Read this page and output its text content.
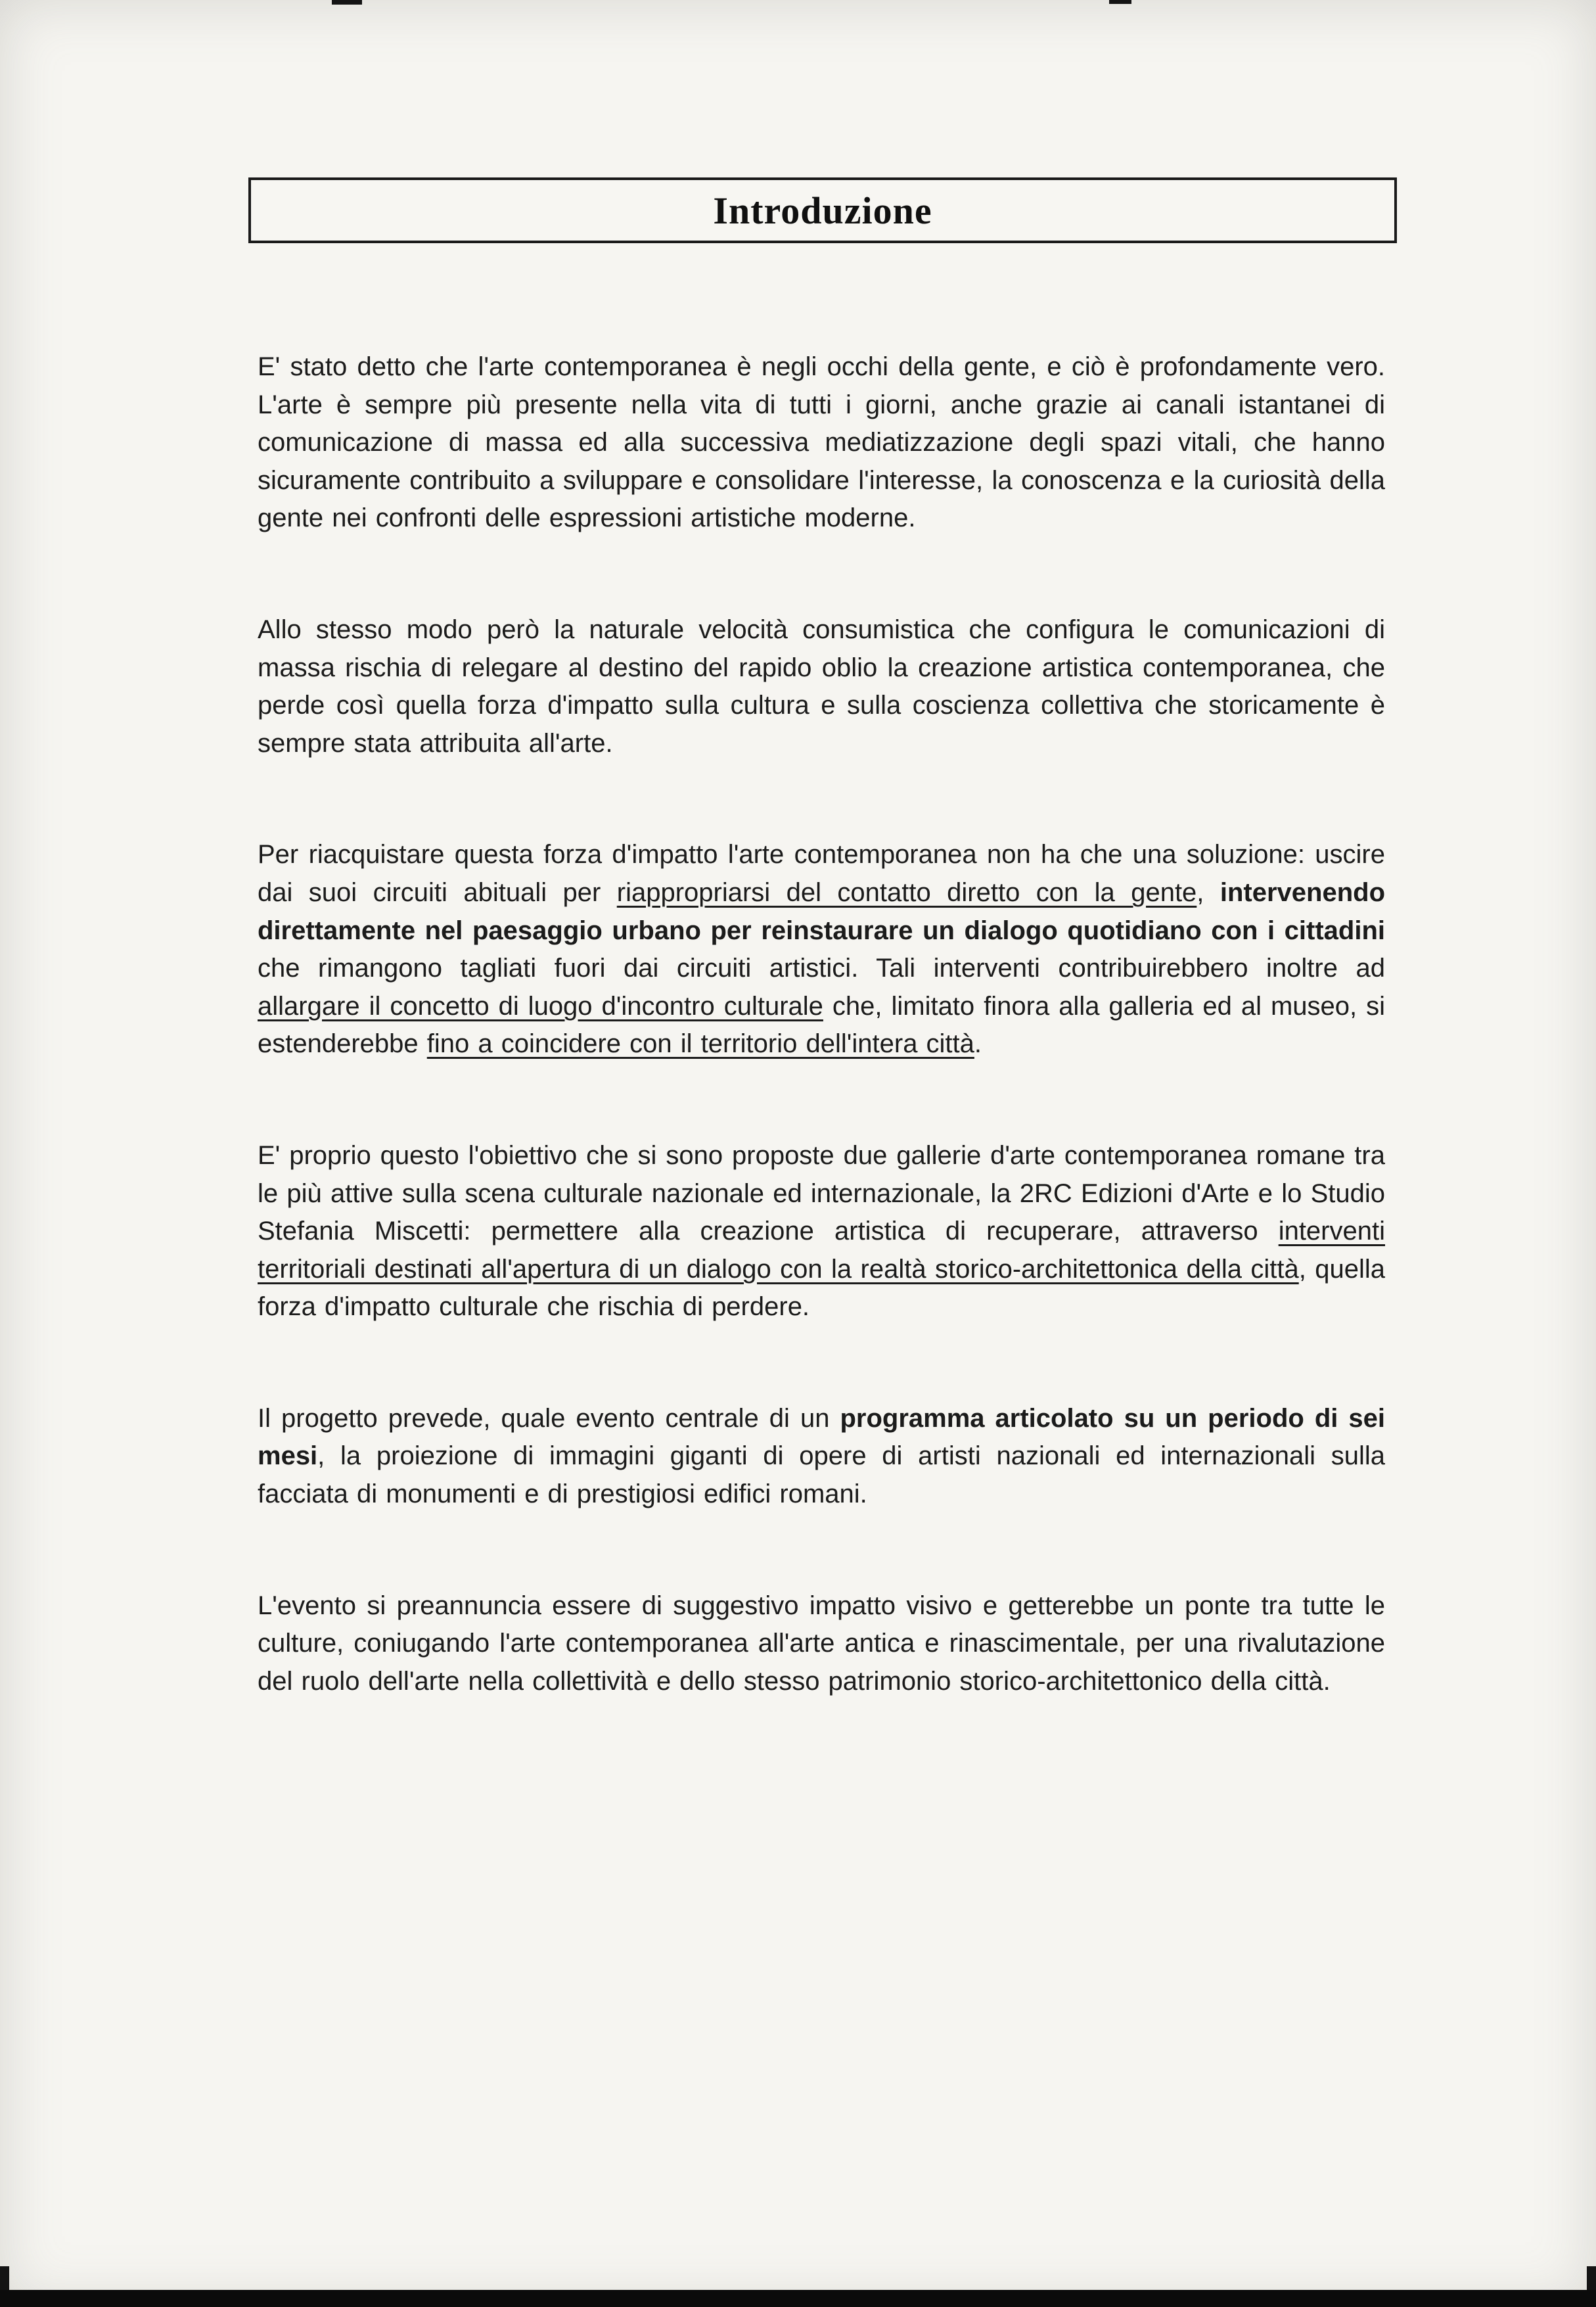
Introduzione

E' stato detto che l'arte contemporanea è negli occhi della gente, e ciò è profondamente vero. L'arte è sempre più presente nella vita di tutti i giorni, anche grazie ai canali istantanei di comunicazione di massa ed alla successiva mediatizzazione degli spazi vitali, che hanno sicuramente contribuito a sviluppare e consolidare l'interesse, la conoscenza e la curiosità della gente nei confronti delle espressioni artistiche moderne.

Allo stesso modo però la naturale velocità consumistica che configura le comunicazioni di massa rischia di relegare al destino del rapido oblio la creazione artistica contemporanea, che perde così quella forza d'impatto sulla cultura e sulla coscienza collettiva che storicamente è sempre stata attribuita all'arte.

Per riacquistare questa forza d'impatto l'arte contemporanea non ha che una soluzione: uscire dai suoi circuiti abituali per riappropriarsi del contatto diretto con la gente, intervenendo direttamente nel paesaggio urbano per reinstaurare un dialogo quotidiano con i cittadini che rimangono tagliati fuori dai circuiti artistici. Tali interventi contribuirebbero inoltre ad allargare il concetto di luogo d'incontro culturale che, limitato finora alla galleria ed al museo, si estenderebbe fino a coincidere con il territorio dell'intera città.

E' proprio questo l'obiettivo che si sono proposte due gallerie d'arte contemporanea romane tra le più attive sulla scena culturale nazionale ed internazionale, la 2RC Edizioni d'Arte e lo Studio Stefania Miscetti: permettere alla creazione artistica di recuperare, attraverso interventi territoriali destinati all'apertura di un dialogo con la realtà storico-architettonica della città, quella forza d'impatto culturale che rischia di perdere.

Il progetto prevede, quale evento centrale di un programma articolato su un periodo di sei mesi, la proiezione di immagini giganti di opere di artisti nazionali ed internazionali sulla facciata di monumenti e di prestigiosi edifici romani.

L'evento si preannuncia essere di suggestivo impatto visivo e getterebbe un ponte tra tutte le culture, coniugando l'arte contemporanea all'arte antica e rinascimentale, per una rivalutazione del ruolo dell'arte nella collettività e dello stesso patrimonio storico-architettonico della città.
